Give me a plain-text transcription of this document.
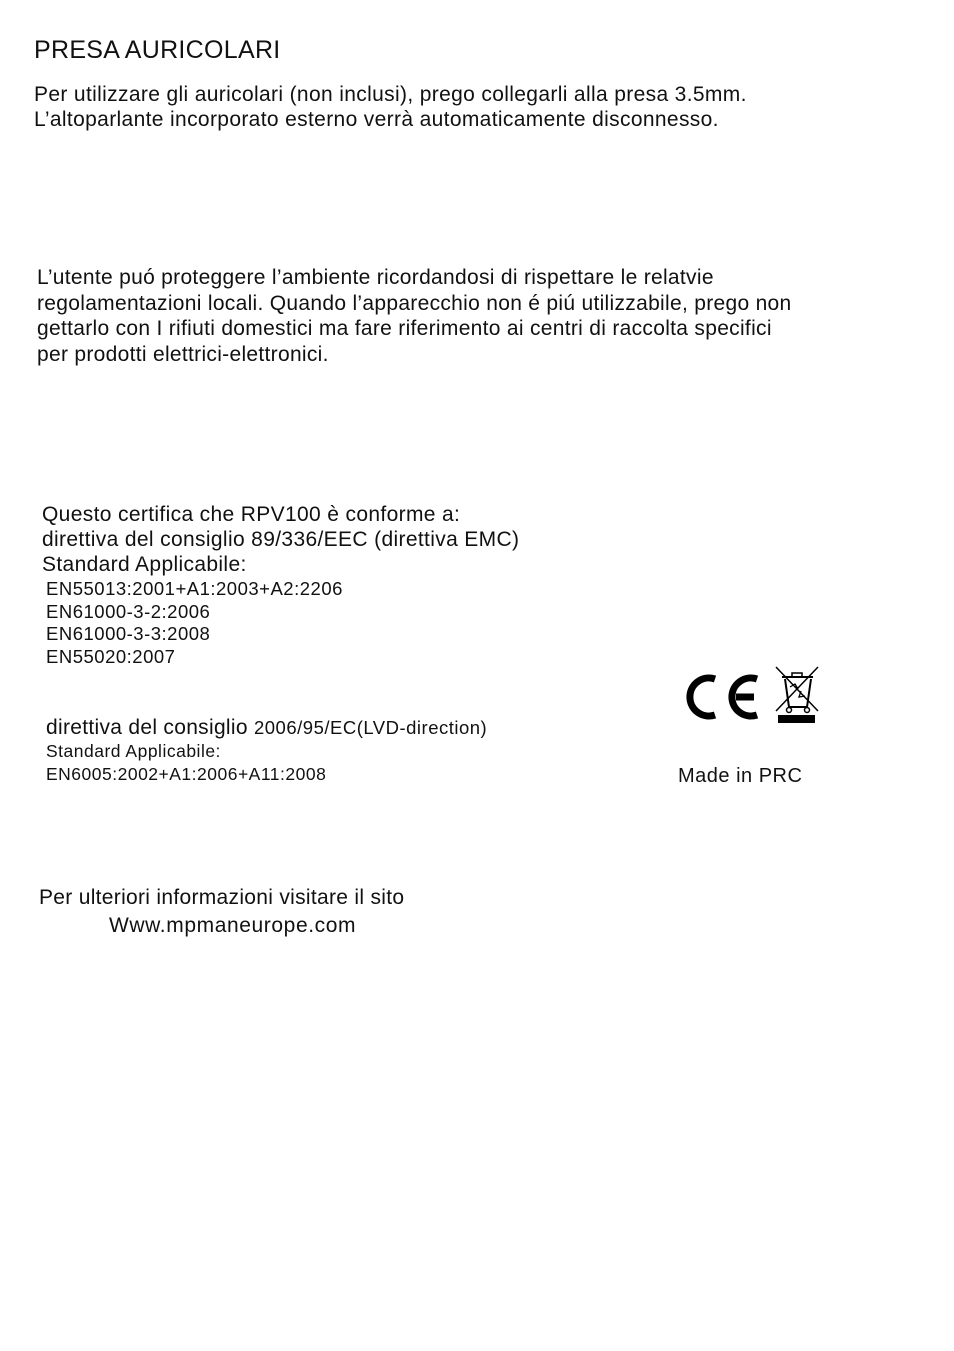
PRESA AURICOLARI
Per utilizzare gli auricolari (non inclusi), prego collegarli alla presa 3.5mm.
L’altoparlante incorporato esterno verrà automaticamente disconnesso.
L’utente puó proteggere l’ambiente ricordandosi di rispettare le relatvie
regolamentazioni locali. Quando l’apparecchio non é piú utilizzabile, prego non
gettarlo con I rifiuti domestici ma fare riferimento ai centri di raccolta specifici
per prodotti elettrici-elettronici.
Questo certifica che RPV100 è conforme a:
direttiva del consiglio 89/336/EEC (direttiva EMC)
Standard Applicabile:
EN55013:2001+A1:2003+A2:2206
EN61000-3-2:2006
EN61000-3-3:2008
EN55020:2007
direttiva del consiglio 2006/95/EC(LVD-direction)
Standard Applicabile:
EN6005:2002+A1:2006+A11:2008	Made in PRC
Per ulteriori informazioni visitare il sito
Www.mpmaneurope.com
